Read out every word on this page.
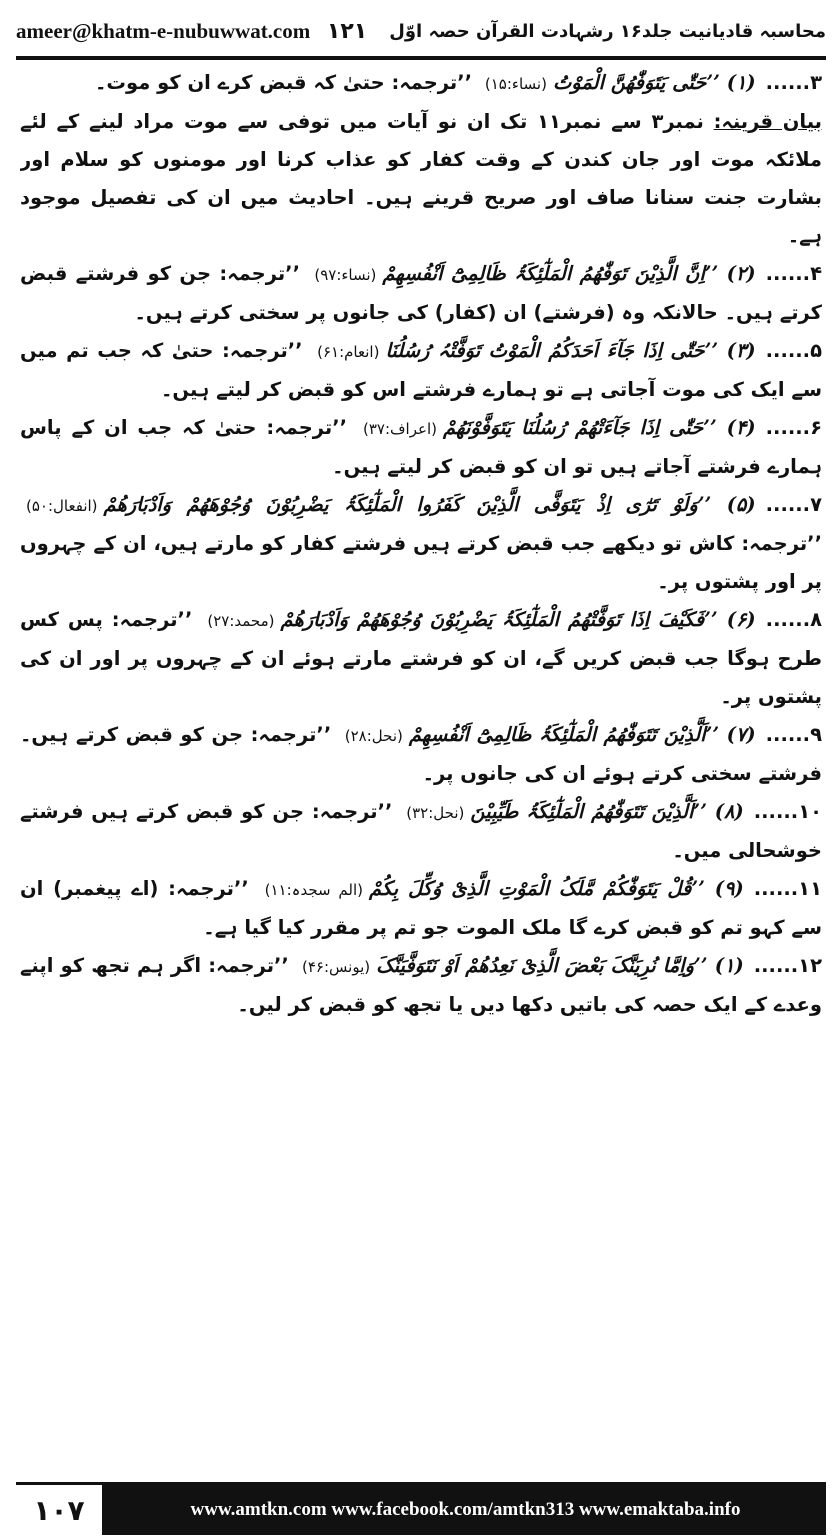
ameer@khatm-e-nubuwwat.com	محاسبہ قادیانیت جلد۱۶ رشہادت القرآن حصہ اوّل
۱۲۱

۳......(۱) ’’حَتّٰی یَتَوَفّٰھُنَّ الْمَوْتُ(نساء:۱۵) ’’ترجمہ: حتیٰ کہ قبض کرے ان کو موت۔

بیان قرینہ: نمبر۳ سے نمبر۱۱ تک ان نو آیات میں توفی سے موت مراد لینے کے لئے ملائکہ موت اور جان کندن کے وقت کفار کو عذاب کرنا اور مومنوں کو سلام اور بشارت جنت سنانا صاف اور صریح قرینے ہیں۔ احادیث میں ان کی تفصیل موجود ہے۔

۴......(۲) ’’اِنَّ الَّذِیْنَ تَوَفّٰھُمُ الْمَلٰٓئِکَۃُ ظَالِمِیْٓ اَنْفُسِھِمْ(نساء:۹۷) ’’ترجمہ: جن کو فرشتے قبض کرتے ہیں۔ حالانکہ وہ (فرشتے) ان (کفار) کی جانوں پر سختی کرتے ہیں۔

۵......(۳) ’’حَتّٰی اِذَا جَآءَ اَحَدَکُمُ الْمَوْتُ تَوَفَّتْہُ رُسُلُنَا(انعام:۶۱) ’’ترجمہ: حتیٰ کہ جب تم میں سے ایک کی موت آجاتی ہے تو ہمارے فرشتے اس کو قبض کر لیتے ہیں۔

۶......(۴) ’’حَتّٰی اِذَا جَآءَتْھُمْ رُسُلُنَا یَتَوَفَّوْنَھُمْ(اعراف:۳۷) ’’ترجمہ: حتیٰ کہ جب ان کے پاس ہمارے فرشتے آجاتے ہیں تو ان کو قبض کر لیتے ہیں۔

۷......(۵) ’’وَلَوْ تَرٰٓی اِذْ یَتَوَفَّی الَّذِیْنَ کَفَرُوا الْمَلٰٓئِکَۃُ یَضْرِبُوْنَ وُجُوْھَھُمْ وَاَدْبَارَھُمْ(انفعال:۵۰) ’’ترجمہ: کاش تو دیکھے جب قبض کرتے ہیں فرشتے کفار کو مارتے ہیں، ان کے چہروں پر اور پشتوں پر۔

۸......(۶) ’’فَکَیْفَ اِذَا تَوَفَّتْھُمُ الْمَلٰٓئِکَۃُ یَضْرِبُوْنَ وُجُوْھَھُمْ وَاَدْبَارَھُمْ(محمد:۲۷) ’’ترجمہ: پس کس طرح ہوگا جب قبض کریں گے، ان کو فرشتے مارتے ہوئے ان کے چہروں پر اور ان کی پشتوں پر۔

۹......(۷) ’’اَلَّذِیْنَ تَتَوَفّٰھُمُ الْمَلٰٓئِکَۃُ ظَالِمِیْٓ اَنْفُسِھِمْ(نحل:۲۸) ’’ترجمہ: جن کو قبض کرتے ہیں۔ فرشتے سختی کرتے ہوئے ان کی جانوں پر۔

۱۰......(۸) ’’اَلَّذِیْنَ تَتَوَفّٰھُمُ الْمَلٰٓئِکَۃُ طَیِّبِیْنَ(نحل:۳۲) ’’ترجمہ: جن کو قبض کرتے ہیں فرشتے خوشحالی میں۔

۱۱......(۹) ’’قُلْ یَتَوَفّٰکُمْ مَّلَکُ الْمَوْتِ الَّذِیْ وُکِّلَ بِکُمْ(الم سجدہ:۱۱) ’’ترجمہ: (اے پیغمبر) ان سے کہو تم کو قبض کرے گا ملک الموت جو تم پر مقرر کیا گیا ہے۔

۱۲......(۱) ’’وَاِمَّا نُرِیَنَّکَ بَعْضَ الَّذِیْ نَعِدُھُمْ اَوْ نَتَوَفَّیَنَّکَ(یونس:۴۶) ’’ترجمہ: اگر ہم تجھ کو اپنے وعدے کے ایک حصہ کی باتیں دکھا دیں یا تجھ کو قبض کر لیں۔

۱۰۷	www.amtkn.com www.facebook.com/amtkn313 www.emaktaba.info
